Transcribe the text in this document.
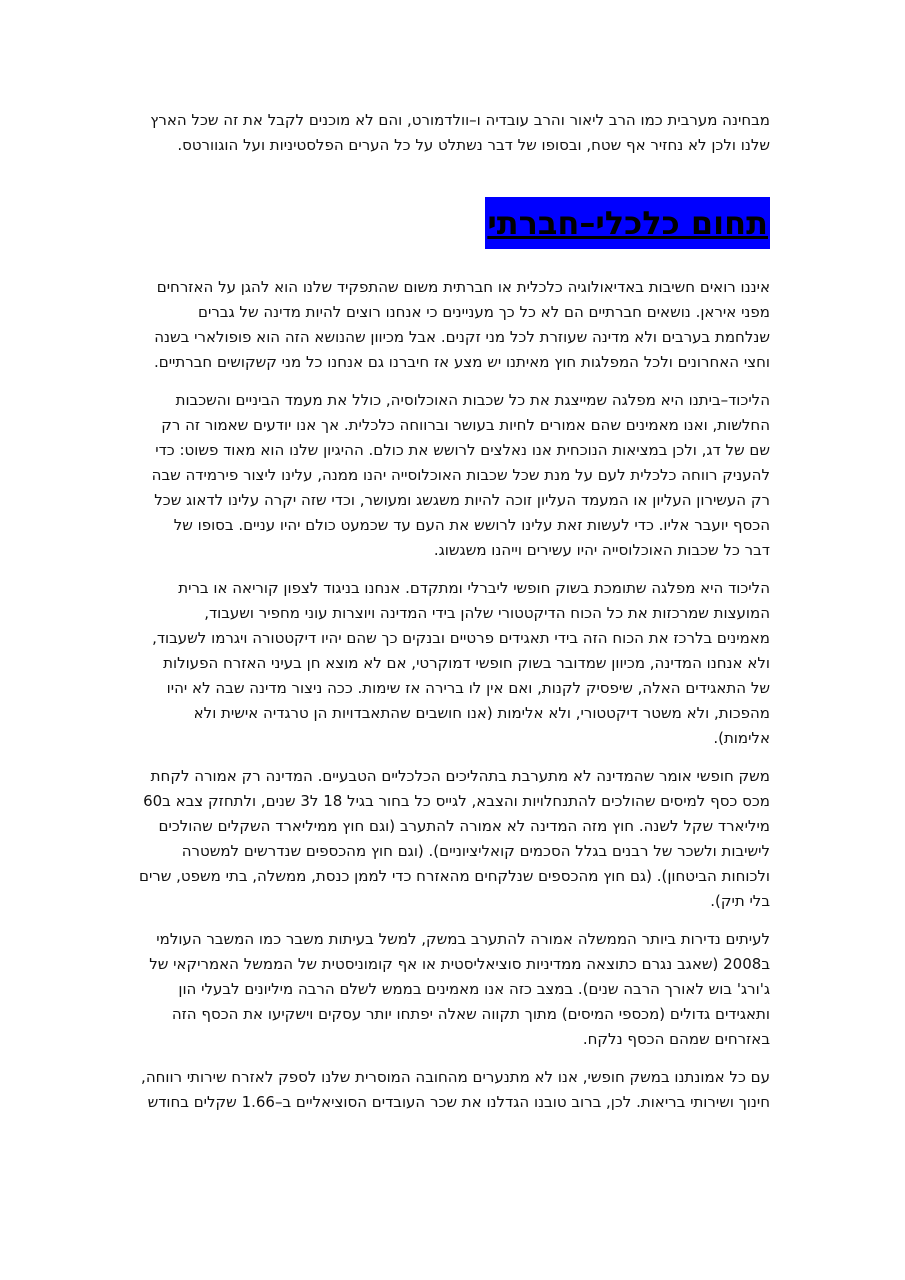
מבחינה מערבית כמו הרב ליאור והרב עובדיה ו–וולדמורט, והם לא מוכנים לקבל את זה שכל הארץ
שלנו ולכן לא נחזיר אף שטח, ובסופו של דבר נשתלט על כל הערים הפלסטיניות ועל הוגוורטס.
תחום כלכלי–חברתי
איננו רואים חשיבות באדיאולוגיה כלכלית או חברתית משום שהתפקיד שלנו הוא להגן על האזרחים
מפני איראן. נושאים חברתיים הם לא כל כך מעניינים כי אנחנו רוצים להיות מדינה של גברים
שנלחמת בערבים ולא מדינה שעוזרת לכל מני זקנים. אבל מכיוון שהנושא הזה הוא פופולארי בשנה
וחצי האחרונים ולכל המפלגות חוץ מאיתנו יש מצע אז חיברנו גם אנחנו כל מני קשקושים חברתיים.
הליכוד–ביתנו היא מפלגה שמייצגת את כל שכבות האוכלוסיה, כולל את מעמד הביניים והשכבות
החלשות, ואנו מאמינים שהם אמורים לחיות בעושר וברווחה כלכלית. אך אנו יודעים שאמור זה רק
שם של דג, ולכן במציאות הנוכחית אנו נאלצים לרושש את כולם. ההיגיון שלנו הוא מאוד פשוט: כדי
להעניק רווחה כלכלית לעם על מנת שכל שכבות האוכלוסייה יהנו ממנה, עלינו ליצור פירמידה שבה
רק העשירון העליון או המעמד העליון זוכה להיות משגשג ומעושר, וכדי שזה יקרה עלינו לדאוג שכל
הכסף יועבר אליו. כדי לעשות זאת עלינו לרושש את העם עד שכמעט כולם יהיו עניים. בסופו של
דבר כל שכבות האוכלוסייה יהיו עשירים וייהנו משגשוג.
הליכוד היא מפלגה שתומכת בשוק חופשי ליברלי ומתקדם. אנחנו בניגוד לצפון קוריאה או ברית
המועצות שמרכזות את כל הכוח הדיקטטורי שלהן בידי המדינה ויוצרות עוני מחפיר ושעבוד,
מאמינים בלרכז את הכוח הזה בידי תאגידים פרטיים ובנקים כך שהם יהיו דיקטטורה ויגרמו לשעבוד,
ולא אנחנו המדינה, מכיוון שמדובר בשוק חופשי דמוקרטי, אם לא מוצא חן בעיני האזרח הפעולות
של התאגידים האלה, שיפסיק לקנות, ואם אין לו ברירה אז שימות. ככה ניצור מדינה שבה לא יהיו
מהפכות, ולא משטר דיקטטורי, ולא אלימות (אנו חושבים שהתאבדויות הן טרגדיה אישית ולא
אלימות).
משק חופשי אומר שהמדינה לא מתערבת בתהליכים הכלכליים הטבעיים. המדינה רק אמורה לקחת
מכס כסף למיסים שהולכים להתנחלויות והצבא, לגייס כל בחור בגיל 18 ל3 שנים, ולתחזק צבא ב60
מיליארד שקל לשנה. חוץ מזה המדינה לא אמורה להתערב (וגם חוץ ממיליארד השקלים שהולכים
לישיבות ולשכר של רבנים בגלל הסכמים קואליציוניים). (וגם חוץ מהכספים שנדרשים למשטרה
ולכוחות הביטחון). (גם חוץ מהכספים שנלקחים מהאזרח כדי לממן כנסת, ממשלה, בתי משפט, שרים
בלי תיק).
לעיתים נדירות ביותר הממשלה אמורה להתערב במשק, למשל בעיתות משבר כמו המשבר העולמי
ב2008 (שאגב נגרם כתוצאה ממדיניות סוציאליסטית או אף קומוניסטית של הממשל האמריקאי של
ג'ורג' בוש לאורך הרבה שנים). במצב כזה אנו מאמינים בממש לשלם הרבה מיליונים לבעלי הון
ותאגידים גדולים (מכספי המיסים) מתוך תקווה שאלה יפתחו יותר עסקים וישקיעו את הכסף הזה
באזרחים שמהם הכסף נלקח.
עם כל אמונתנו במשק חופשי, אנו לא מתנערים מהחובה המוסרית שלנו לספק לאזרח שירותי רווחה,
חינוך ושירותי בריאות. לכן, ברוב טובנו הגדלנו את שכר העובדים הסוציאליים ב–1.66 שקלים בחודש
